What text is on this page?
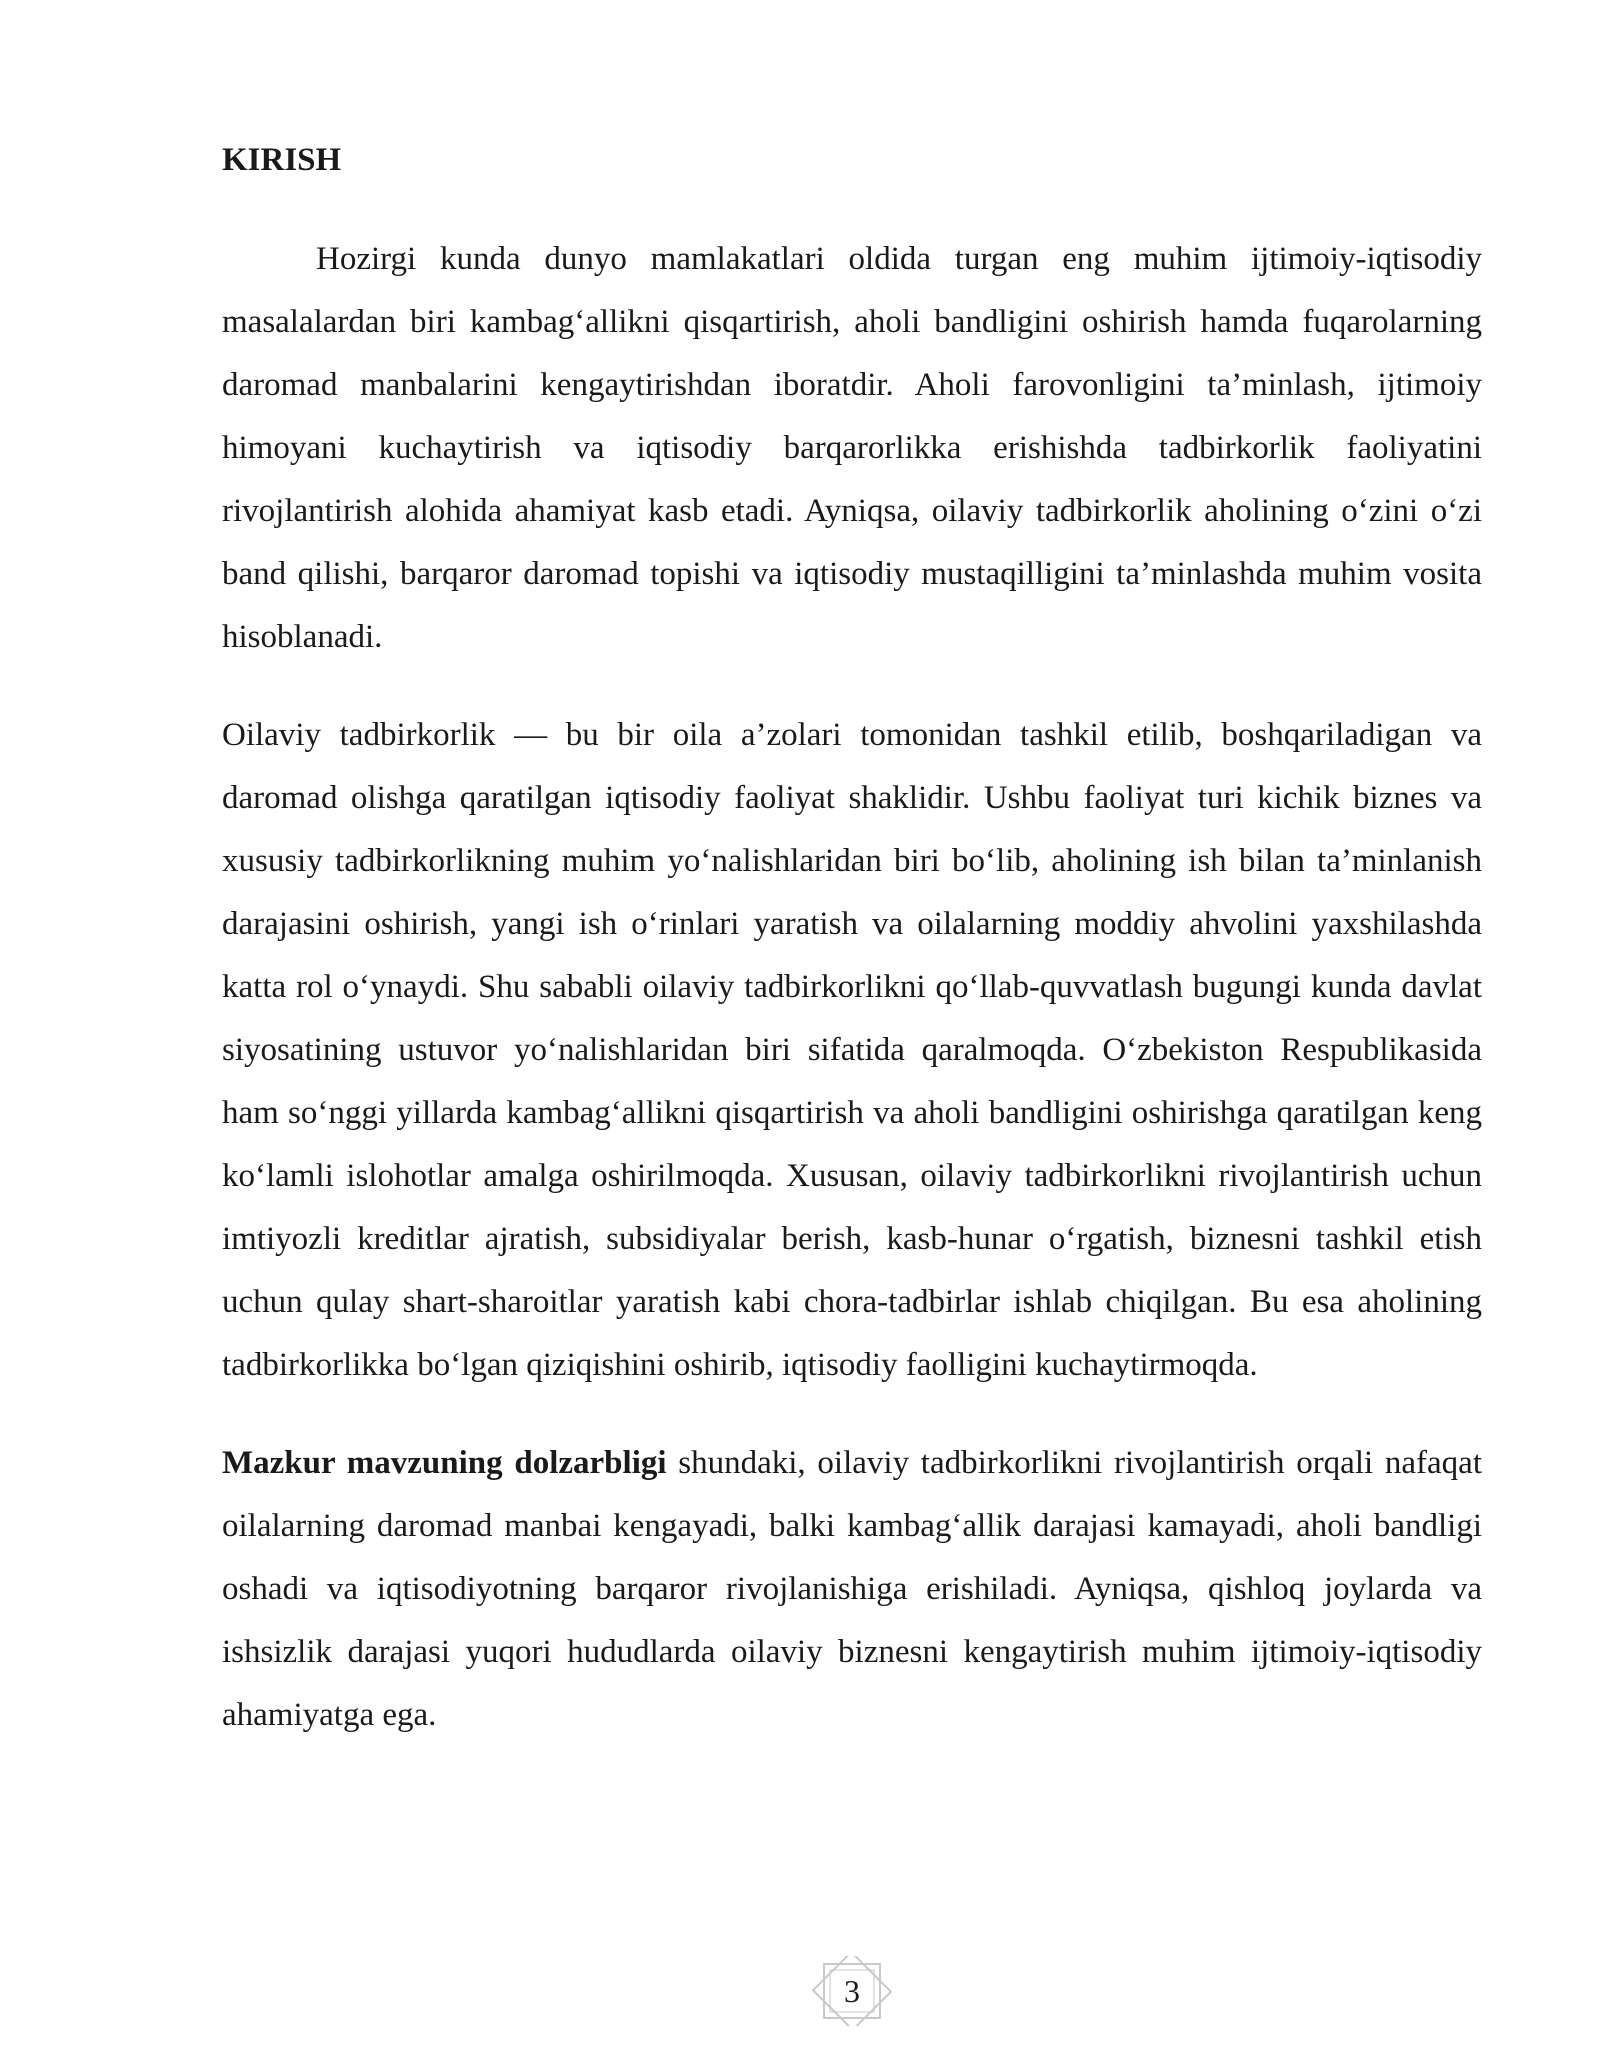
KIRISH

Hozirgi kunda dunyo mamlakatlari oldida turgan eng muhim ijtimoiy-iqtisodiy masalalardan biri kambag‘allikni qisqartirish, aholi bandligini oshirish hamda fuqarolarning daromad manbalarini kengaytirishdan iboratdir. Aholi farovonligini ta’minlash, ijtimoiy himoyani kuchaytirish va iqtisodiy barqarorlikka erishishda tadbirkorlik faoliyatini rivojlantirish alohida ahamiyat kasb etadi. Ayniqsa, oilaviy tadbirkorlik aholining o‘zini o‘zi band qilishi, barqaror daromad topishi va iqtisodiy mustaqilligini ta’minlashda muhim vosita hisoblanadi.

Oilaviy tadbirkorlik — bu bir oila a’zolari tomonidan tashkil etilib, boshqariladigan va daromad olishga qaratilgan iqtisodiy faoliyat shaklidir. Ushbu faoliyat turi kichik biznes va xususiy tadbirkorlikning muhim yo‘nalishlaridan biri bo‘lib, aholining ish bilan ta’minlanish darajasini oshirish, yangi ish o‘rinlari yaratish va oilalarning moddiy ahvolini yaxshilashda katta rol o‘ynaydi. Shu sababli oilaviy tadbirkorlikni qo‘llab-quvvatlash bugungi kunda davlat siyosatining ustuvor yo‘nalishlaridan biri sifatida qaralmoqda. O‘zbekiston Respublikasida ham so‘nggi yillarda kambag‘allikni qisqartirish va aholi bandligini oshirishga qaratilgan keng ko‘lamli islohotlar amalga oshirilmoqda. Xususan, oilaviy tadbirkorlikni rivojlantirish uchun imtiyozli kreditlar ajratish, subsidiyalar berish, kasb-hunar o‘rgatish, biznesni tashkil etish uchun qulay shart-sharoitlar yaratish kabi chora-tadbirlar ishlab chiqilgan. Bu esa aholining tadbirkorlikka bo‘lgan qiziqishini oshirib, iqtisodiy faolligini kuchaytirmoqda.

Mazkur mavzuning dolzarbligi shundaki, oilaviy tadbirkorlikni rivojlantirish orqali nafaqat oilalarning daromad manbai kengayadi, balki kambag‘allik darajasi kamayadi, aholi bandligi oshadi va iqtisodiyotning barqaror rivojlanishiga erishiladi. Ayniqsa, qishloq joylarda va ishsizlik darajasi yuqori hududlarda oilaviy biznesni kengaytirish muhim ijtimoiy-iqtisodiy ahamiyatga ega.

3
